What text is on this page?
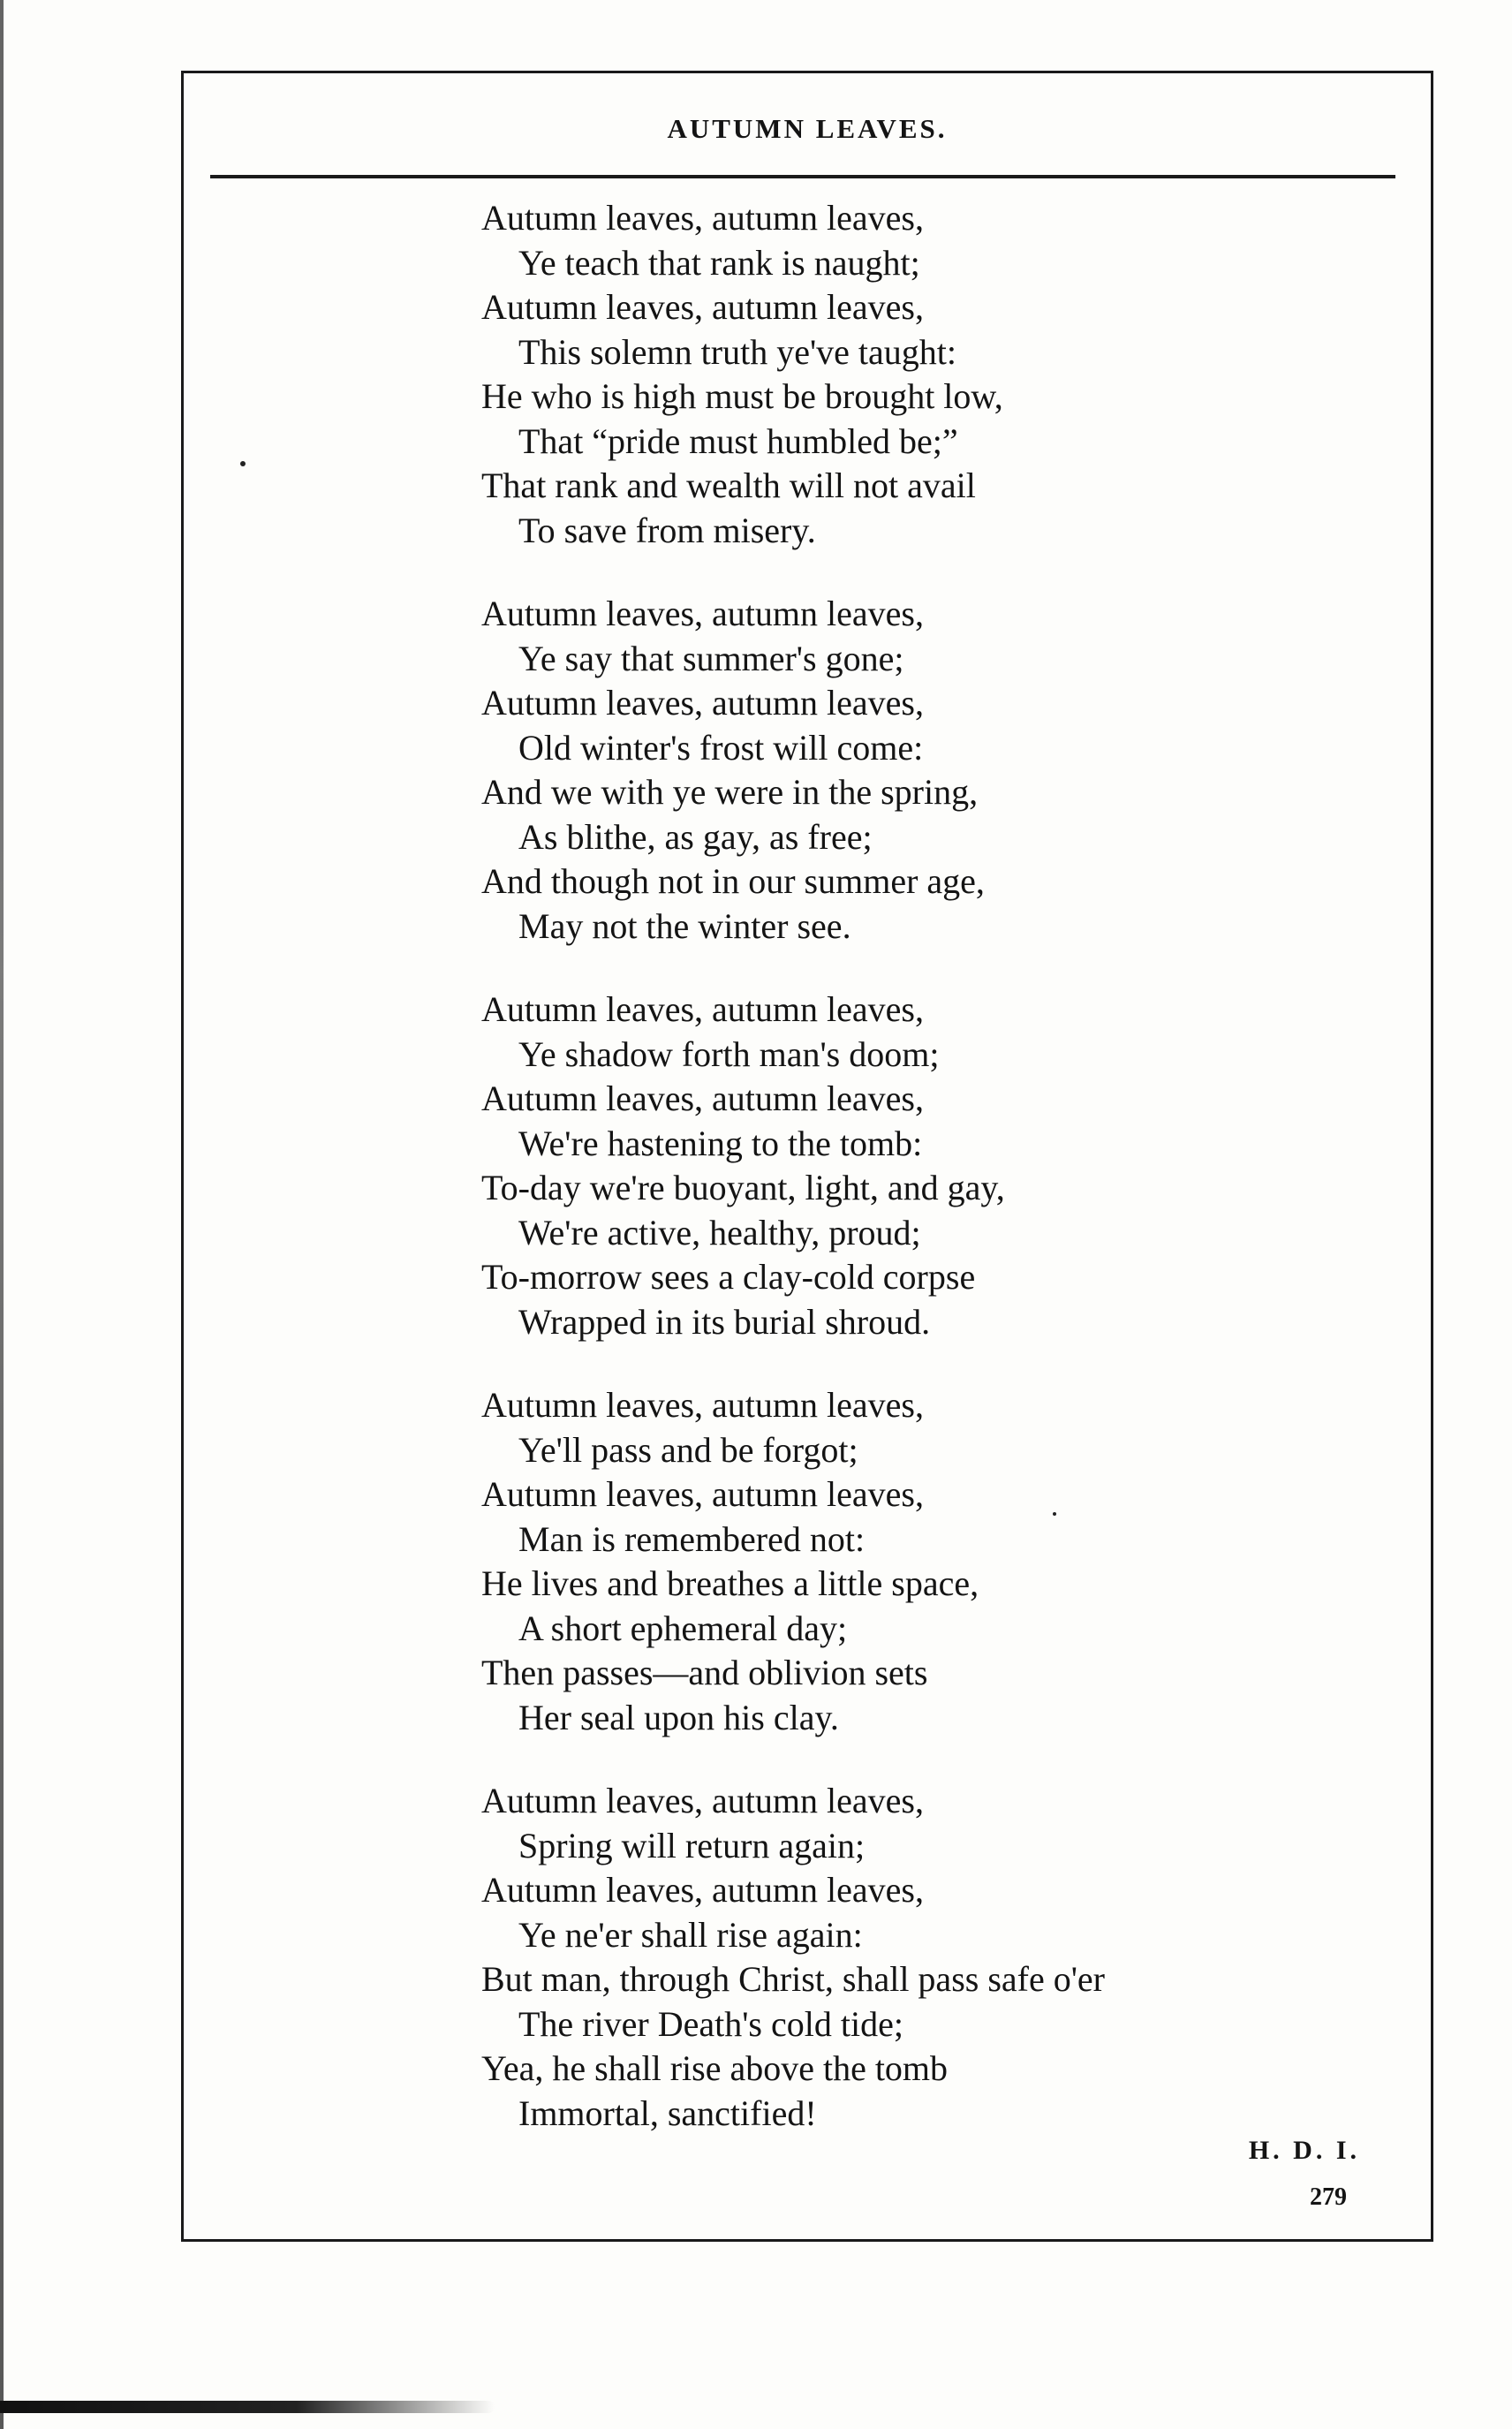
AUTUMN LEAVES.
Autumn leaves, autumn leaves,
Ye teach that rank is naught;
Autumn leaves, autumn leaves,
This solemn truth ye've taught:
He who is high must be brought low,
That “pride must humbled be;”
That rank and wealth will not avail
To save from misery.
Autumn leaves, autumn leaves,
Ye say that summer's gone;
Autumn leaves, autumn leaves,
Old winter's frost will come:
And we with ye were in the spring,
As blithe, as gay, as free;
And though not in our summer age,
May not the winter see.
Autumn leaves, autumn leaves,
Ye shadow forth man's doom;
Autumn leaves, autumn leaves,
We're hastening to the tomb:
To-day we're buoyant, light, and gay,
We're active, healthy, proud;
To-morrow sees a clay-cold corpse
Wrapped in its burial shroud.
Autumn leaves, autumn leaves,
Ye'll pass and be forgot;
Autumn leaves, autumn leaves,
Man is remembered not:
He lives and breathes a little space,
A short ephemeral day;
Then passes—and oblivion sets
Her seal upon his clay.
Autumn leaves, autumn leaves,
Spring will return again;
Autumn leaves, autumn leaves,
Ye ne'er shall rise again:
But man, through Christ, shall pass safe o'er
The river Death's cold tide;
Yea, he shall rise above the tomb
Immortal, sanctified!
H. D. I.
279
